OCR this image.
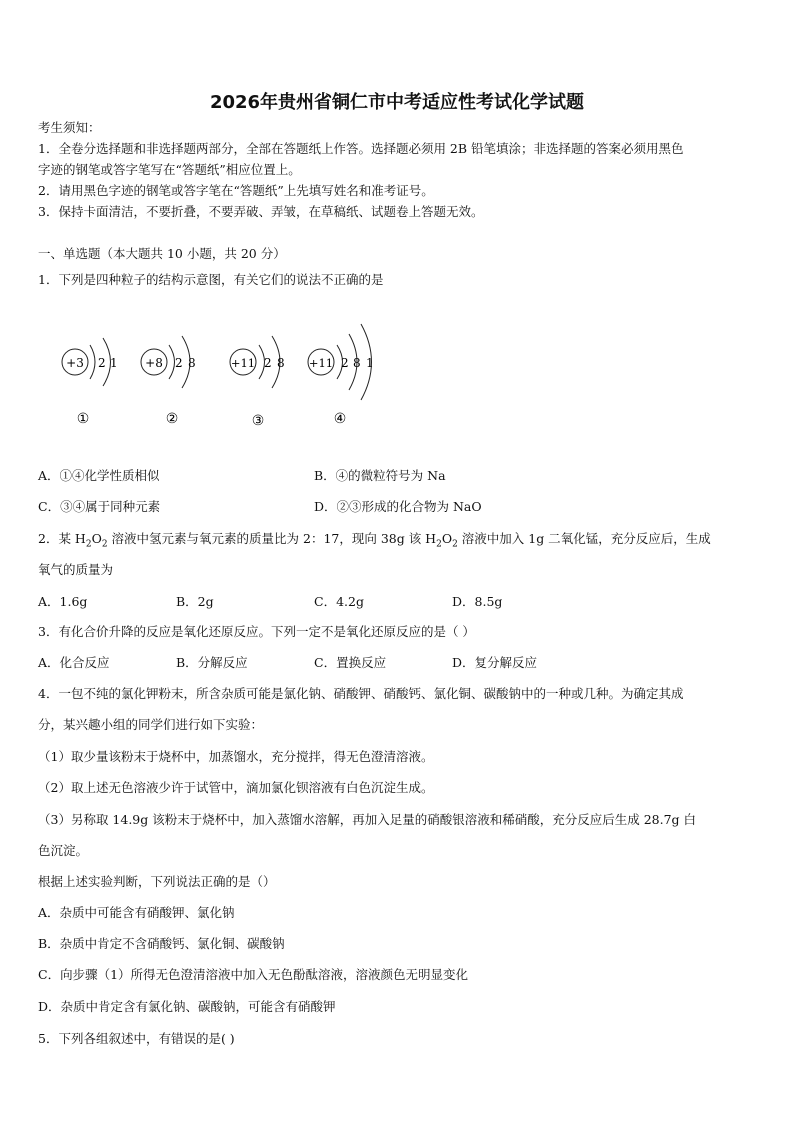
2026年贵州省铜仁市中考适应性考试化学试题
考生须知：
1．全卷分选择题和非选择题两部分，全部在答题纸上作答。选择题必须用 2B 铅笔填涂；非选择题的答案必须用黑色
字迹的钢笔或答字笔写在“答题纸”相应位置上。
2．请用黑色字迹的钢笔或答字笔在“答题纸”上先填写姓名和准考证号。
3．保持卡面清洁，不要折叠，不要弄破、弄皱，在草稿纸、试题卷上答题无效。
一、单选题（本大题共 10 小题，共 20 分）
1．下列是四种粒子的结构示意图，有关它们的说法不正确的是
+3 2 1 +8 2 8	+11 2 8 +11 2 8 1
①	②	③	④
A．①④化学性质相似	B．④的微粒符号为 Na
C．③④属于同种元素	D．②③形成的化合物为 NaO
2．某 $H_2O_2$ 溶液中氢元素与氧元素的质量比为 2：17，现向 38g 该 $H_2O_2$ 溶液中加入 1g 二氧化锰，充分反应后，生成
氧气的质量为
A．1.6g	B．2g	C．4.2g	D．8.5g
3．有化合价升降的反应是氧化还原反应。下列一定不是氧化还原反应的是（ ）
A．化合反应	B．分解反应	C．置换反应	D．复分解反应
4．一包不纯的氯化钾粉末，所含杂质可能是氯化钠、硝酸钾、硝酸钙、氯化铜、碳酸钠中的一种或几种。为确定其成
分，某兴趣小组的同学们进行如下实验：
（1）取少量该粉末于烧杯中，加蒸馏水，充分搅拌，得无色澄清溶液。
（2）取上述无色溶液少许于试管中，滴加氯化钡溶液有白色沉淀生成。
（3）另称取 14.9g 该粉末于烧杯中，加入蒸馏水溶解，再加入足量的硝酸银溶液和稀硝酸，充分反应后生成 28.7g 白
色沉淀。
根据上述实验判断，下列说法正确的是（）
A．杂质中可能含有硝酸钾、氯化钠
B．杂质中肯定不含硝酸钙、氯化铜、碳酸钠
C．向步骤（1）所得无色澄清溶液中加入无色酚酞溶液，溶液颜色无明显变化
D．杂质中肯定含有氯化钠、碳酸钠，可能含有硝酸钾
5．下列各组叙述中，有错误的是( )
